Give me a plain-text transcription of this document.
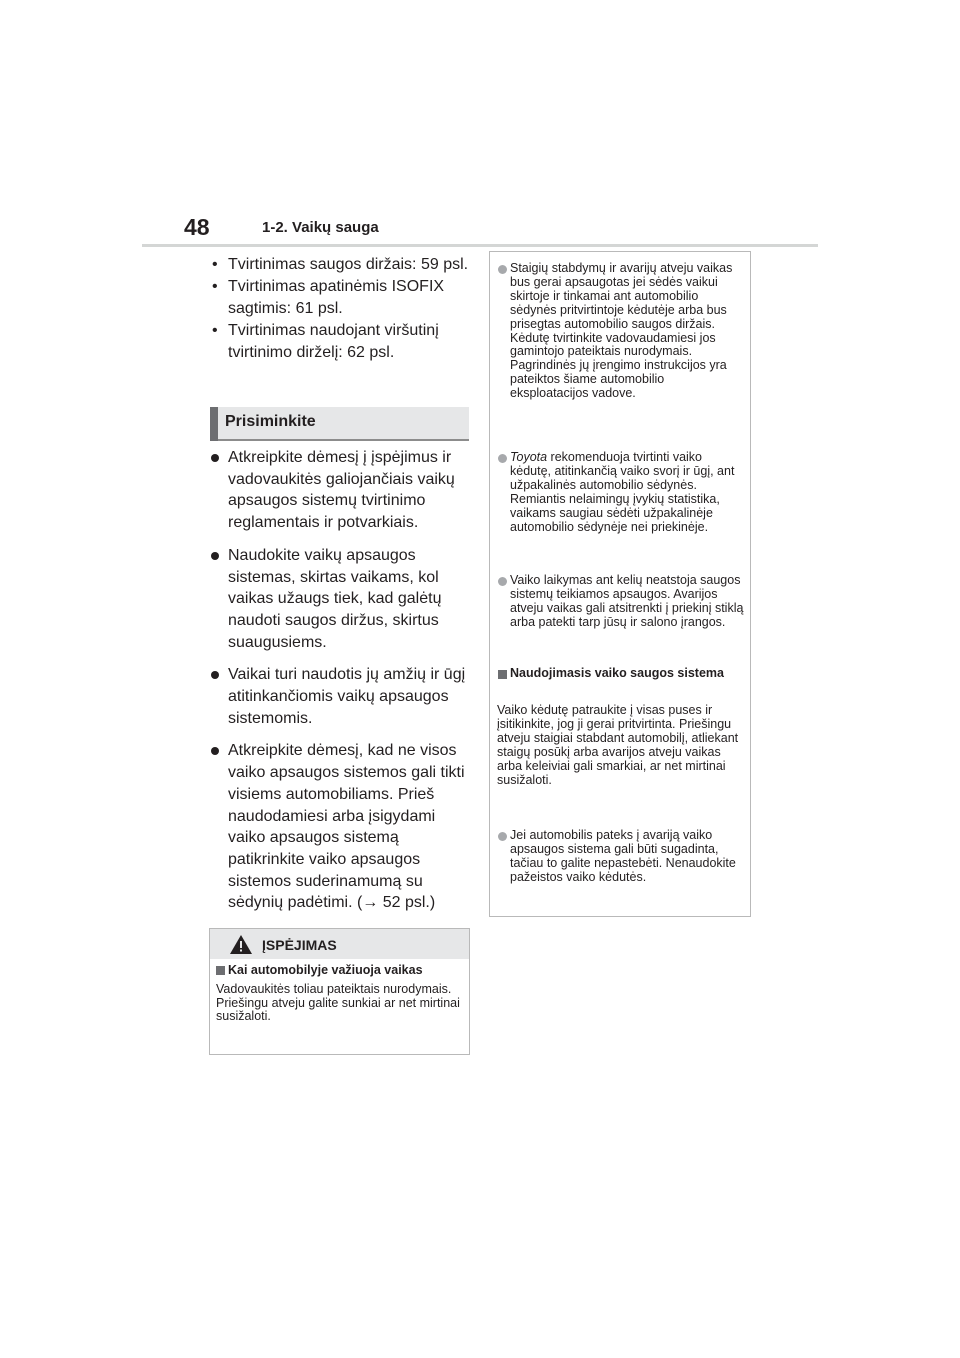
48	1-2. Vaikų sauga
• Tvirtinimas saugos diržais: 59 psl.
• Tvirtinimas apatinėmis ISOFIX sagtimis: 61 psl.
• Tvirtinimas naudojant viršutinį tvirtinimo dirželį: 62 psl.
Prisiminkite
Atkreipkite dėmesį į įspėjimus ir vadovaukitės galiojančiais vaikų apsaugos sistemų tvirtinimo reglamentais ir potvarkiais.
Naudokite vaikų apsaugos sistemas, skirtas vaikams, kol vaikas užaugs tiek, kad galėtų naudoti saugos diržus, skirtus suaugusiems.
Vaikai turi naudotis jų amžių ir ūgį atitinkančiomis vaikų apsaugos sistemomis.
Atkreipkite dėmesį, kad ne visos vaiko apsaugos sistemos gali tikti visiems automobiliams. Prieš naudodamiesi arba įsigydami vaiko apsaugos sistemą patikrinkite vaiko apsaugos sistemos suderinamumą su sėdynių padėtimi. (→ 52 psl.)
ĮSPĖJIMAS
Kai automobilyje važiuoja vaikas
Vadovaukitės toliau pateiktais nurodymais.
Priešingu atveju galite sunkiai ar net mirtinai susižaloti.
Staigių stabdymų ir avarijų atveju vaikas bus gerai apsaugotas jei sėdės vaikui skirtoje ir tinkamai ant automobilio sėdynės pritvirtintoje kėdutėje arba bus prisegtas automobilio saugos diržais. Kėdutę tvirtinkite vadovaudamiesi jos gamintojo pateiktais nurodymais. Pagrindinės jų įrengimo instrukcijos yra pateiktos šiame automobilio eksploatacijos vadove.
Toyota rekomenduoja tvirtinti vaiko kėdutę, atitinkančią vaiko svorį ir ūgį, ant užpakalinės automobilio sėdynės. Remiantis nelaimingų įvykių statistika, vaikams saugiau sėdėti užpakalinėje automobilio sėdynėje nei priekinėje.
Vaiko laikymas ant kelių neatstoja saugos sistemų teikiamos apsaugos. Avarijos atveju vaikas gali atsitrenkti į priekinį stiklą arba patekti tarp jūsų ir salono įrangos.
Naudojimasis vaiko saugos sistema
Vaiko kėdutę patraukite į visas puses ir įsitikinkite, jog ji gerai pritvirtinta. Priešingu atveju staigiai stabdant automobilį, atliekant staigų posūkį arba avarijos atveju vaikas arba keleiviai gali smarkiai, ar net mirtinai susižaloti.
Jei automobilis pateks į avariją vaiko apsaugos sistema gali būti sugadinta, tačiau to galite nepastebėti. Nenaudokite pažeistos vaiko kėdutės.
